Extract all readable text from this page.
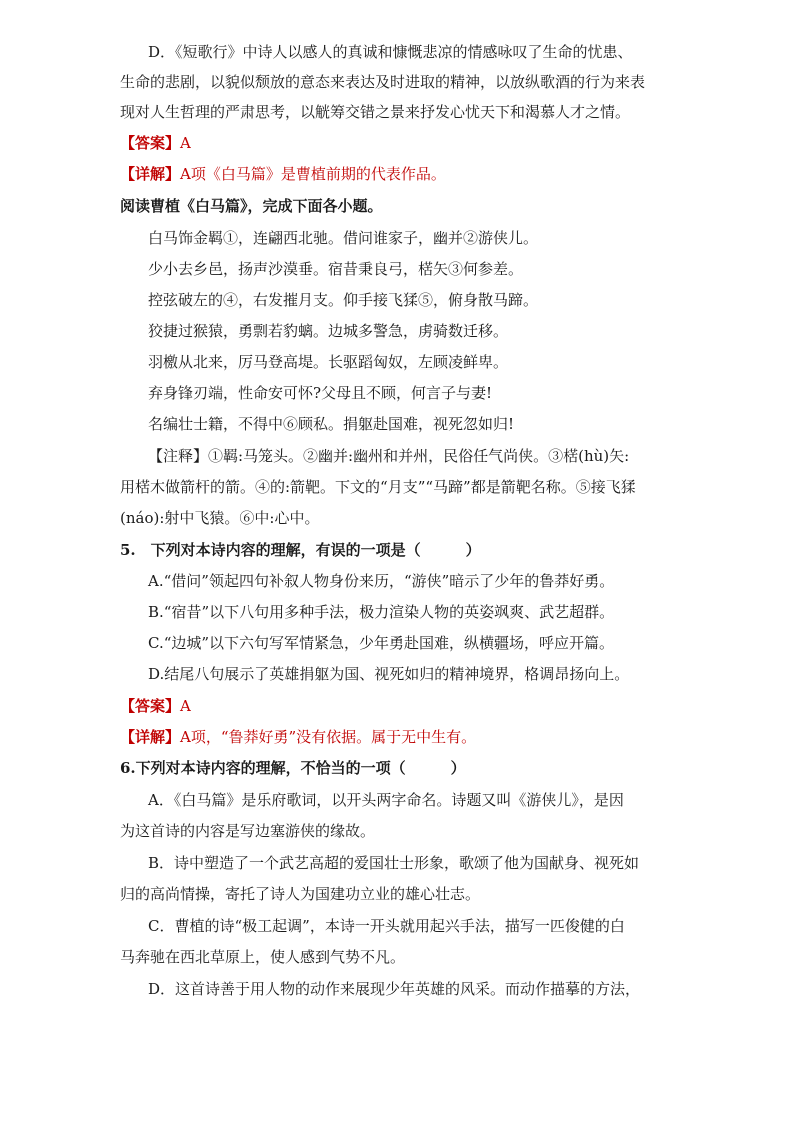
D．《短歌行》中诗人以感人的真诚和慷慨悲凉的情感咏叹了生命的忧患、
生命的悲剧，以貌似颓放的意态来表达及时进取的精神，以放纵歌酒的行为来表
现对人生哲理的严肃思考，以觥筹交错之景来抒发心忧天下和渴慕人才之情。
【答案】A
【详解】A项《白马篇》是曹植前期的代表作品。
阅读曹植《白马篇》，完成下面各小题。
白马饰金羁①，连翩西北驰。借问谁家子，幽并②游侠儿。
少小去乡邑，扬声沙漠垂。宿昔秉良弓，楛矢③何参差。
控弦破左的④，右发摧月支。仰手接飞猱⑤，俯身散马蹄。
狡捷过猴猿，勇剽若豹螭。边城多警急，虏骑数迁移。
羽檄从北来，厉马登高堤。长驱蹈匈奴，左顾凌鲜卑。
弃身锋刃端，性命安可怀?父母且不顾，何言子与妻!
名编壮士籍，不得中⑥顾私。捐躯赴国难，视死忽如归!
【注释】①羁:马笼头。②幽并:幽州和并州，民俗任气尚侠。③楛(hù)矢:
用楛木做箭杆的箭。④的:箭靶。下文的“月支”“马蹄”都是箭靶名称。⑤接飞猱
(náo):射中飞猿。⑥中:心中。
5.　下列对本诗内容的理解，有误的一项是（　　　）
A.“借问”领起四句补叙人物身份来历，“游侠”暗示了少年的鲁莽好勇。
B.“宿昔”以下八句用多种手法，极力渲染人物的英姿飒爽、武艺超群。
C.“边城”以下六句写军情紧急，少年勇赴国难，纵横疆场，呼应开篇。
D.结尾八句展示了英雄捐躯为国、视死如归的精神境界，格调昂扬向上。
【答案】A
【详解】A项，“鲁莽好勇”没有依据。属于无中生有。
6.下列对本诗内容的理解，不恰当的一项（　　　）
A．《白马篇》是乐府歌词，以开头两字命名。诗题又叫《游侠儿》，是因
为这首诗的内容是写边塞游侠的缘故。
B．诗中塑造了一个武艺高超的爱国壮士形象，歌颂了他为国献身、视死如
归的高尚情操，寄托了诗人为国建功立业的雄心壮志。
C．曹植的诗“极工起调”，本诗一开头就用起兴手法，描写一匹俊健的白
马奔驰在西北草原上，使人感到气势不凡。
D．这首诗善于用人物的动作来展现少年英雄的风采。而动作描摹的方法，
